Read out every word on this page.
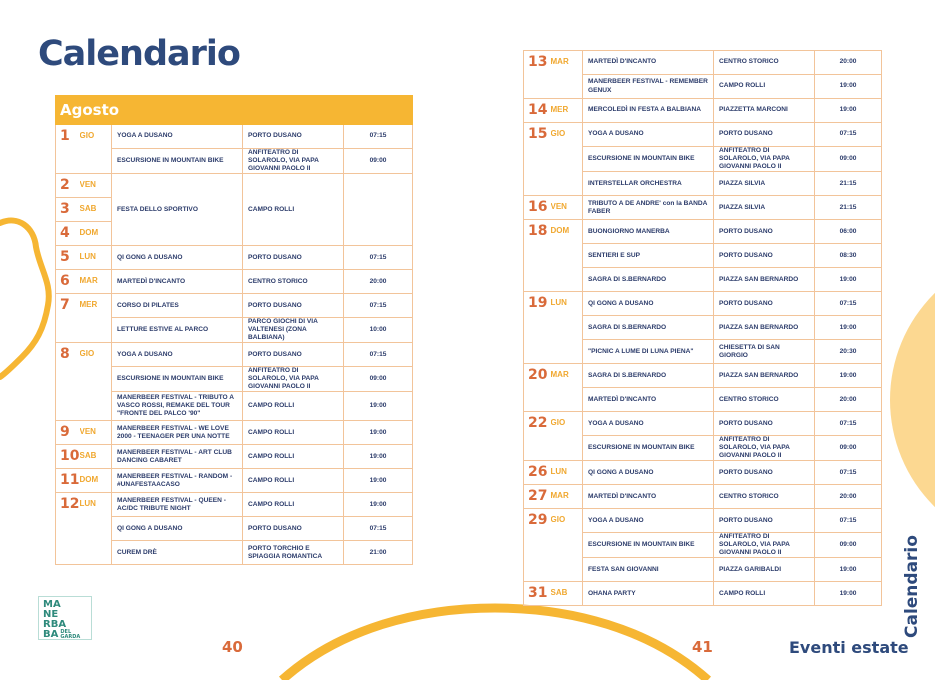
Calendario
Agosto				
1	GIO	YOGA A DUSANO	PORTO DUSANO	07:15
		ESCURSIONE IN MOUNTAIN BIKE	ANFITEATRO DI SOLAROLO, VIA PAPA GIOVANNI PAOLO II	09:00
2	VEN	FESTA DELLO SPORTIVO	CAMPO ROLLI	
3	SAB			
4	DOM			
5	LUN	QI GONG A DUSANO	PORTO DUSANO	07:15
6	MAR	MARTEDÌ D'INCANTO	CENTRO STORICO	20:00
7	MER	CORSO DI PILATES	PORTO DUSANO	07:15
		LETTURE ESTIVE AL PARCO	PARCO GIOCHI DI VIA VALTENESI (ZONA BALBIANA)	10:00
8	GIO	YOGA A DUSANO	PORTO DUSANO	07:15
		ESCURSIONE IN MOUNTAIN BIKE	ANFITEATRO DI SOLAROLO, VIA PAPA GIOVANNI PAOLO II	09:00
		MANERBEER FESTIVAL - TRIBUTO A VASCO ROSSI, REMAKE DEL TOUR "FRONTE DEL PALCO '90"	CAMPO ROLLI	19:00
9	VEN	MANERBEER FESTIVAL - WE LOVE 2000 - TEENAGER PER UNA NOTTE	CAMPO ROLLI	19:00
10	SAB	MANERBEER FESTIVAL - ART CLUB DANCING CABARET	CAMPO ROLLI	19:00
11	DOM	MANERBEER FESTIVAL - RANDOM - #UNAFESTAACASO	CAMPO ROLLI	19:00
12	LUN	MANERBEER FESTIVAL - QUEEN - AC/DC TRIBUTE NIGHT	CAMPO ROLLI	19:00
		QI GONG A DUSANO	PORTO DUSANO	07:15
		CUREM DRÈ	PORTO TORCHIO E SPIAGGIA ROMANTICA	21:00
13	MAR	MARTEDÌ D'INCANTO	CENTRO STORICO	20:00
		MANERBEER FESTIVAL - REMEMBER GENUX	CAMPO ROLLI	19:00
14	MER	MERCOLEDÌ IN FESTA A BALBIANA	PIAZZETTA MARCONI	19:00
15	GIO	YOGA A DUSANO	PORTO DUSANO	07:15
		ESCURSIONE IN MOUNTAIN BIKE	ANFITEATRO DI SOLAROLO, VIA PAPA GIOVANNI PAOLO II	09:00
		INTERSTELLAR ORCHESTRA	PIAZZA SILVIA	21:15
16	VEN	TRIBUTO A DE ANDRE' con la BANDA FABER	PIAZZA SILVIA	21:15
18	DOM	BUONGIORNO MANERBA	PORTO DUSANO	06:00
		SENTIERI E SUP	PORTO DUSANO	08:30
		SAGRA DI S.BERNARDO	PIAZZA SAN BERNARDO	19:00
19	LUN	QI GONG A DUSANO	PORTO DUSANO	07:15
		SAGRA DI S.BERNARDO	PIAZZA SAN BERNARDO	19:00
		"PICNIC A LUME DI LUNA PIENA"	CHIESETTA DI SAN GIORGIO	20:30
20	MAR	SAGRA DI S.BERNARDO	PIAZZA SAN BERNARDO	19:00
		MARTEDÌ D'INCANTO	CENTRO STORICO	20:00
22	GIO	YOGA A DUSANO	PORTO DUSANO	07:15
		ESCURSIONE IN MOUNTAIN BIKE	ANFITEATRO DI SOLAROLO, VIA PAPA GIOVANNI PAOLO II	09:00
26	LUN	QI GONG A DUSANO	PORTO DUSANO	07:15
27	MAR	MARTEDÌ D'INCANTO	CENTRO STORICO	20:00
29	GIO	YOGA A DUSANO	PORTO DUSANO	07:15
		ESCURSIONE IN MOUNTAIN BIKE	ANFITEATRO DI SOLAROLO, VIA PAPA GIOVANNI PAOLO II	09:00
		FESTA SAN GIOVANNI	PIAZZA GARIBALDI	19:00
31	SAB	OHANA PARTY	CAMPO ROLLI	19:00
MA
NE
RBA
BA DEL
GARDA
40	41	Eventi estate
Calendario
